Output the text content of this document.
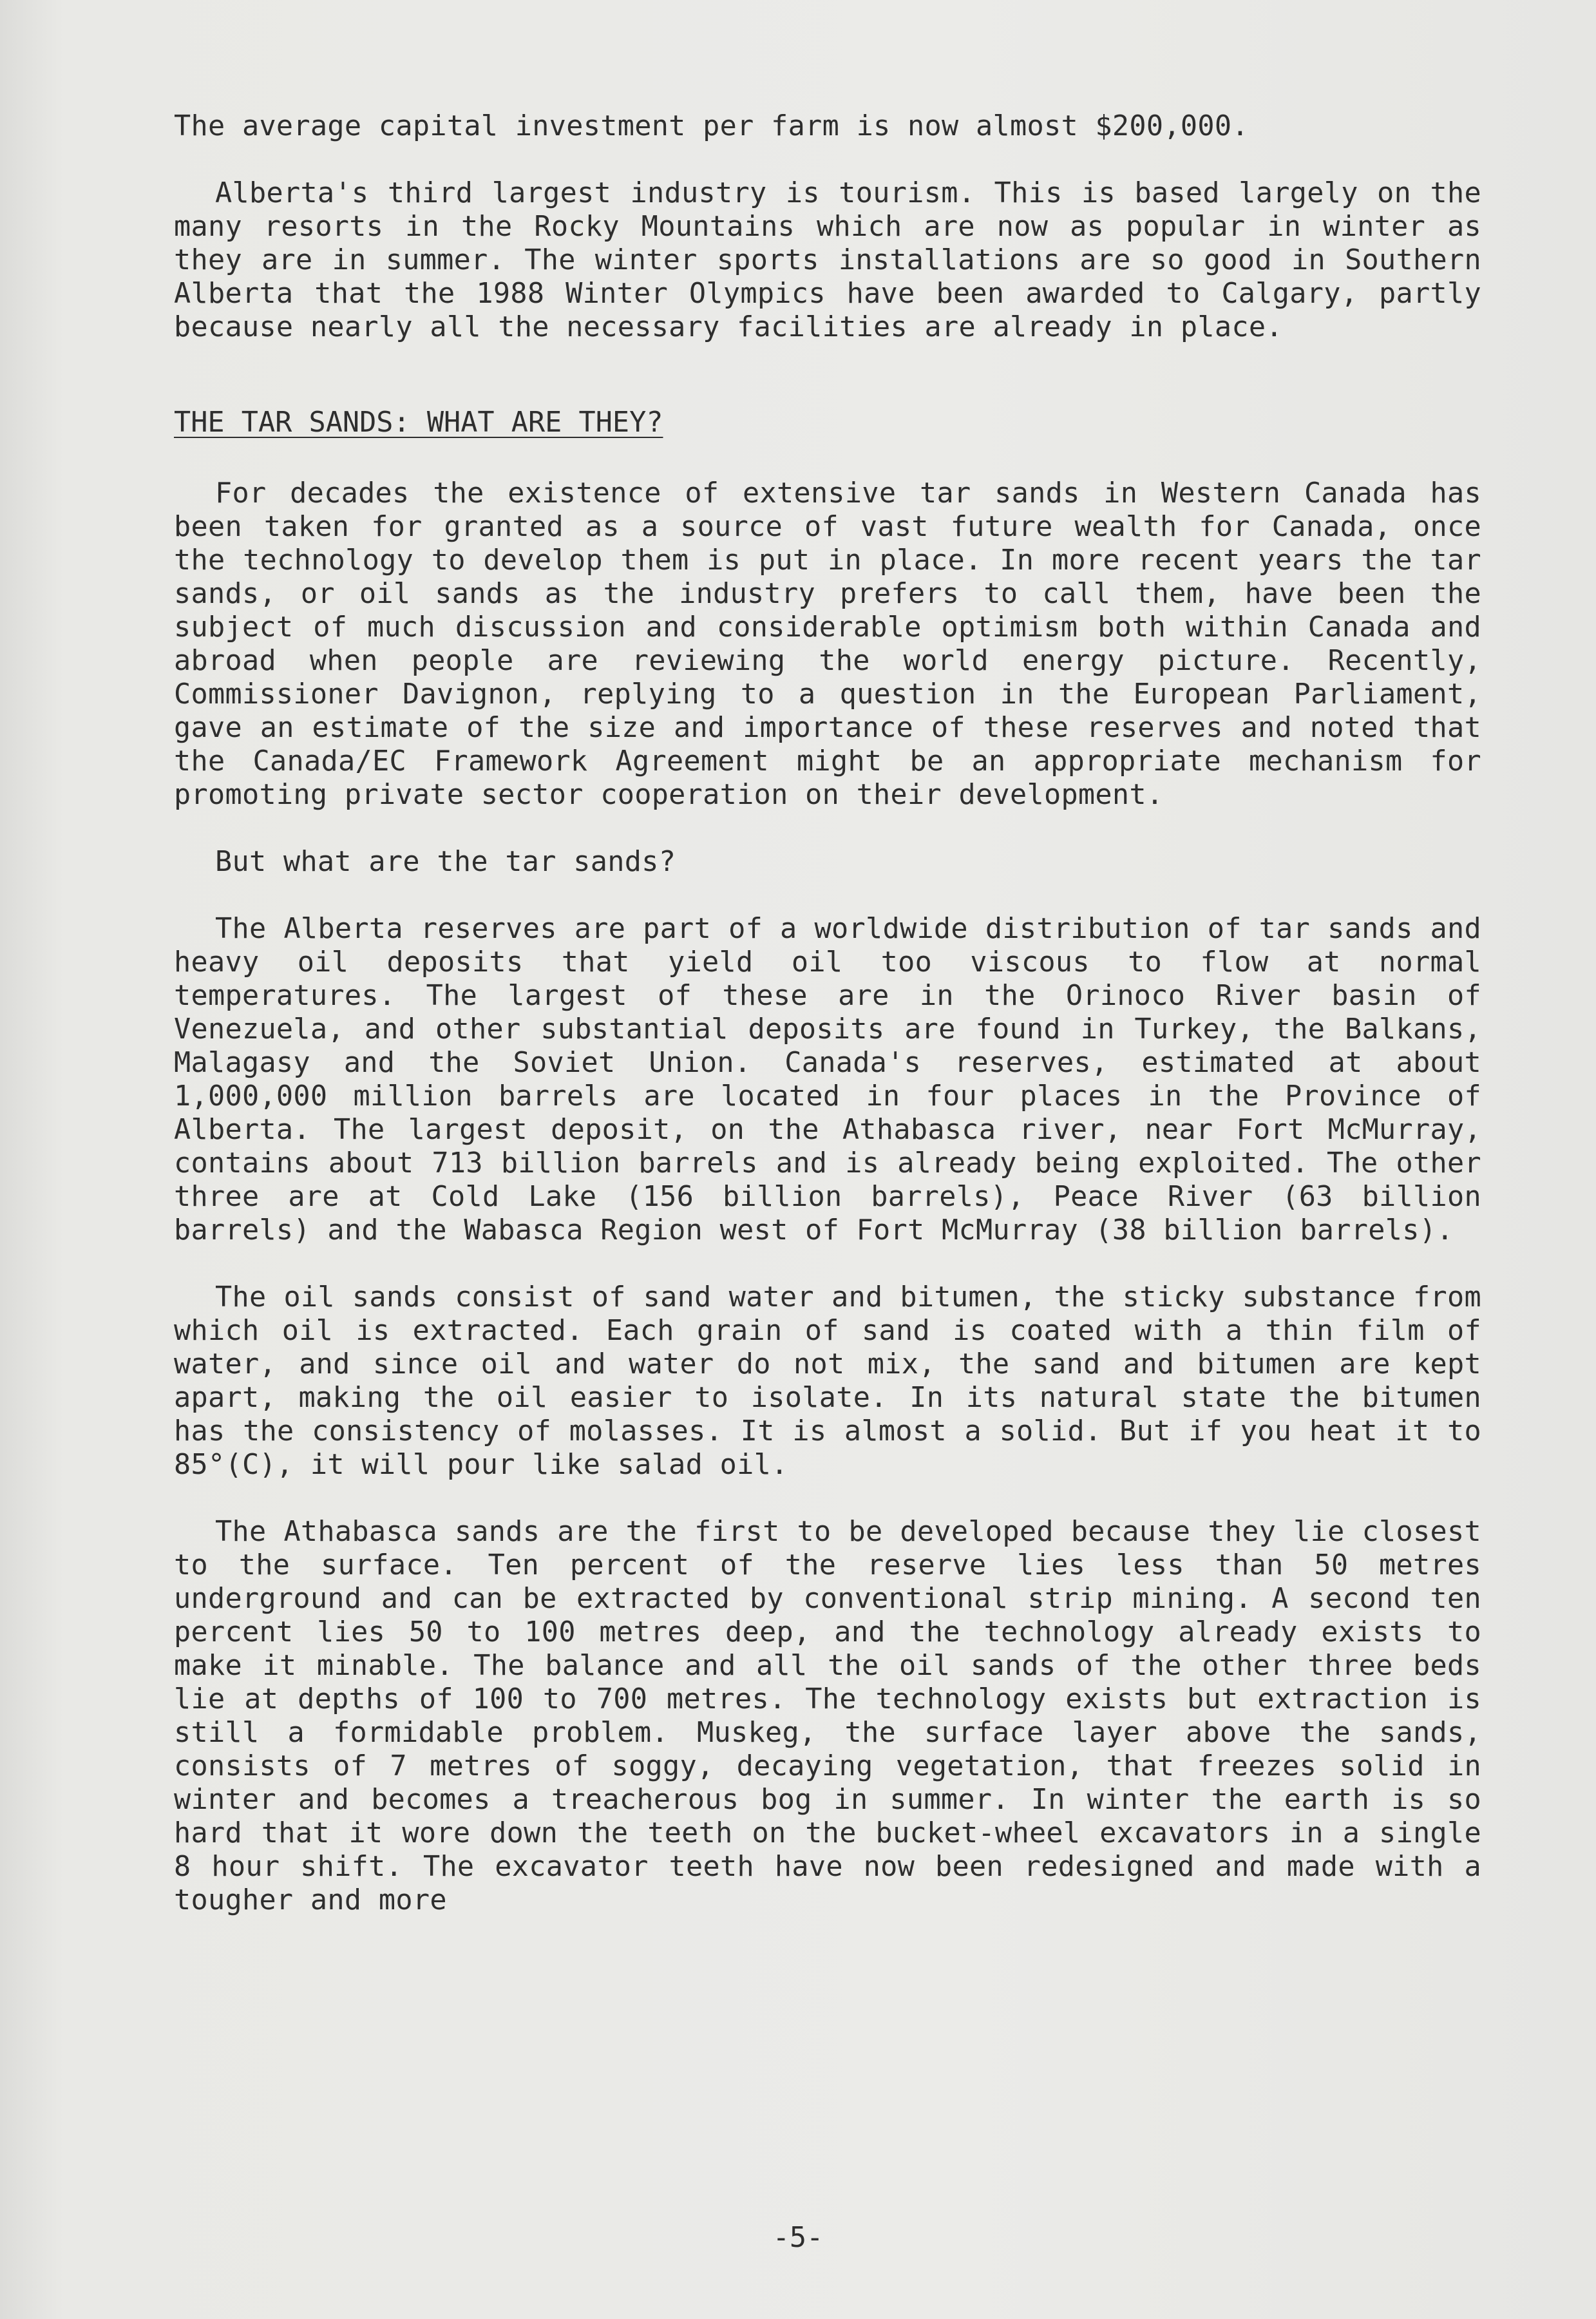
The average capital investment per farm is now almost $200,000.

Alberta's third largest industry is tourism. This is based largely on the many resorts in the Rocky Mountains which are now as popular in winter as they are in summer. The winter sports installations are so good in Southern Alberta that the 1988 Winter Olympics have been awarded to Calgary, partly because nearly all the necessary facilities are already in place.

THE TAR SANDS: WHAT ARE THEY?

For decades the existence of extensive tar sands in Western Canada has been taken for granted as a source of vast future wealth for Canada, once the technology to develop them is put in place. In more recent years the tar sands, or oil sands as the industry prefers to call them, have been the subject of much discussion and considerable optimism both within Canada and abroad when people are reviewing the world energy picture. Recently, Commissioner Davignon, replying to a question in the European Parliament, gave an estimate of the size and importance of these reserves and noted that the Canada/EC Framework Agreement might be an appropriate mechanism for promoting private sector cooperation on their development.

But what are the tar sands?

The Alberta reserves are part of a worldwide distribution of tar sands and heavy oil deposits that yield oil too viscous to flow at normal temperatures. The largest of these are in the Orinoco River basin of Venezuela, and other substantial deposits are found in Turkey, the Balkans, Malagasy and the Soviet Union. Canada's reserves, estimated at about 1,000,000 million barrels are located in four places in the Province of Alberta. The largest deposit, on the Athabasca river, near Fort McMurray, contains about 713 billion barrels and is already being exploited. The other three are at Cold Lake (156 billion barrels), Peace River (63 billion barrels) and the Wabasca Region west of Fort McMurray (38 billion barrels).

The oil sands consist of sand water and bitumen, the sticky substance from which oil is extracted. Each grain of sand is coated with a thin film of water, and since oil and water do not mix, the sand and bitumen are kept apart, making the oil easier to isolate. In its natural state the bitumen has the consistency of molasses. It is almost a solid. But if you heat it to 85°(C), it will pour like salad oil.

The Athabasca sands are the first to be developed because they lie closest to the surface. Ten percent of the reserve lies less than 50 metres underground and can be extracted by conventional strip mining. A second ten percent lies 50 to 100 metres deep, and the technology already exists to make it minable. The balance and all the oil sands of the other three beds lie at depths of 100 to 700 metres. The technology exists but extraction is still a formidable problem. Muskeg, the surface layer above the sands, consists of 7 metres of soggy, decaying vegetation, that freezes solid in winter and becomes a treacherous bog in summer. In winter the earth is so hard that it wore down the teeth on the bucket-wheel excavators in a single 8 hour shift. The excavator teeth have now been redesigned and made with a tougher and more

-5-
